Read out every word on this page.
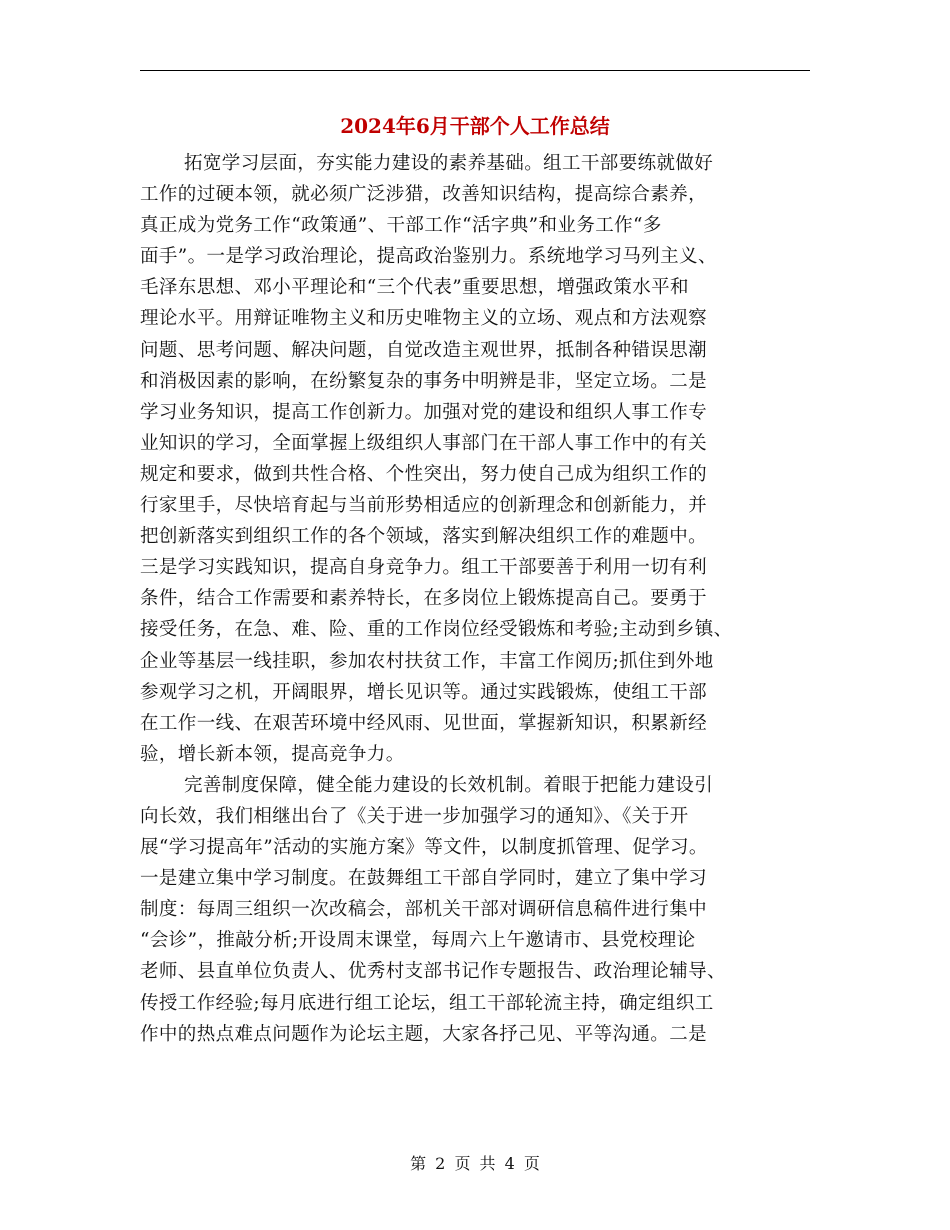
2024年6月干部个人工作总结
拓宽学习层面，夯实能力建设的素养基础。组工干部要练就做好
工作的过硬本领，就必须广泛涉猎，改善知识结构，提高综合素养，
真正成为党务工作“政策通”、干部工作“活字典”和业务工作“多
面手”。一是学习政治理论，提高政治鉴别力。系统地学习马列主义、
毛泽东思想、邓小平理论和“三个代表”重要思想，增强政策水平和
理论水平。用辩证唯物主义和历史唯物主义的立场、观点和方法观察
问题、思考问题、解决问题，自觉改造主观世界，抵制各种错误思潮
和消极因素的影响，在纷繁复杂的事务中明辨是非，坚定立场。二是
学习业务知识，提高工作创新力。加强对党的建设和组织人事工作专
业知识的学习，全面掌握上级组织人事部门在干部人事工作中的有关
规定和要求，做到共性合格、个性突出，努力使自己成为组织工作的
行家里手，尽快培育起与当前形势相适应的创新理念和创新能力，并
把创新落实到组织工作的各个领域，落实到解决组织工作的难题中。
三是学习实践知识，提高自身竞争力。组工干部要善于利用一切有利
条件，结合工作需要和素养特长，在多岗位上锻炼提高自己。要勇于
接受任务，在急、难、险、重的工作岗位经受锻炼和考验;主动到乡镇、
企业等基层一线挂职，参加农村扶贫工作，丰富工作阅历;抓住到外地
参观学习之机，开阔眼界，增长见识等。通过实践锻炼，使组工干部
在工作一线、在艰苦环境中经风雨、见世面，掌握新知识，积累新经
验，增长新本领，提高竞争力。
完善制度保障，健全能力建设的长效机制。着眼于把能力建设引
向长效，我们相继出台了《关于进一步加强学习的通知》、《关于开
展“学习提高年”活动的实施方案》等文件，以制度抓管理、促学习。
一是建立集中学习制度。在鼓舞组工干部自学同时，建立了集中学习
制度：每周三组织一次改稿会，部机关干部对调研信息稿件进行集中
“会诊”，推敲分析;开设周末课堂，每周六上午邀请市、县党校理论
老师、县直单位负责人、优秀村支部书记作专题报告、政治理论辅导、
传授工作经验;每月底进行组工论坛，组工干部轮流主持，确定组织工
作中的热点难点问题作为论坛主题，大家各抒己见、平等沟通。二是
第 2 页 共 4 页
